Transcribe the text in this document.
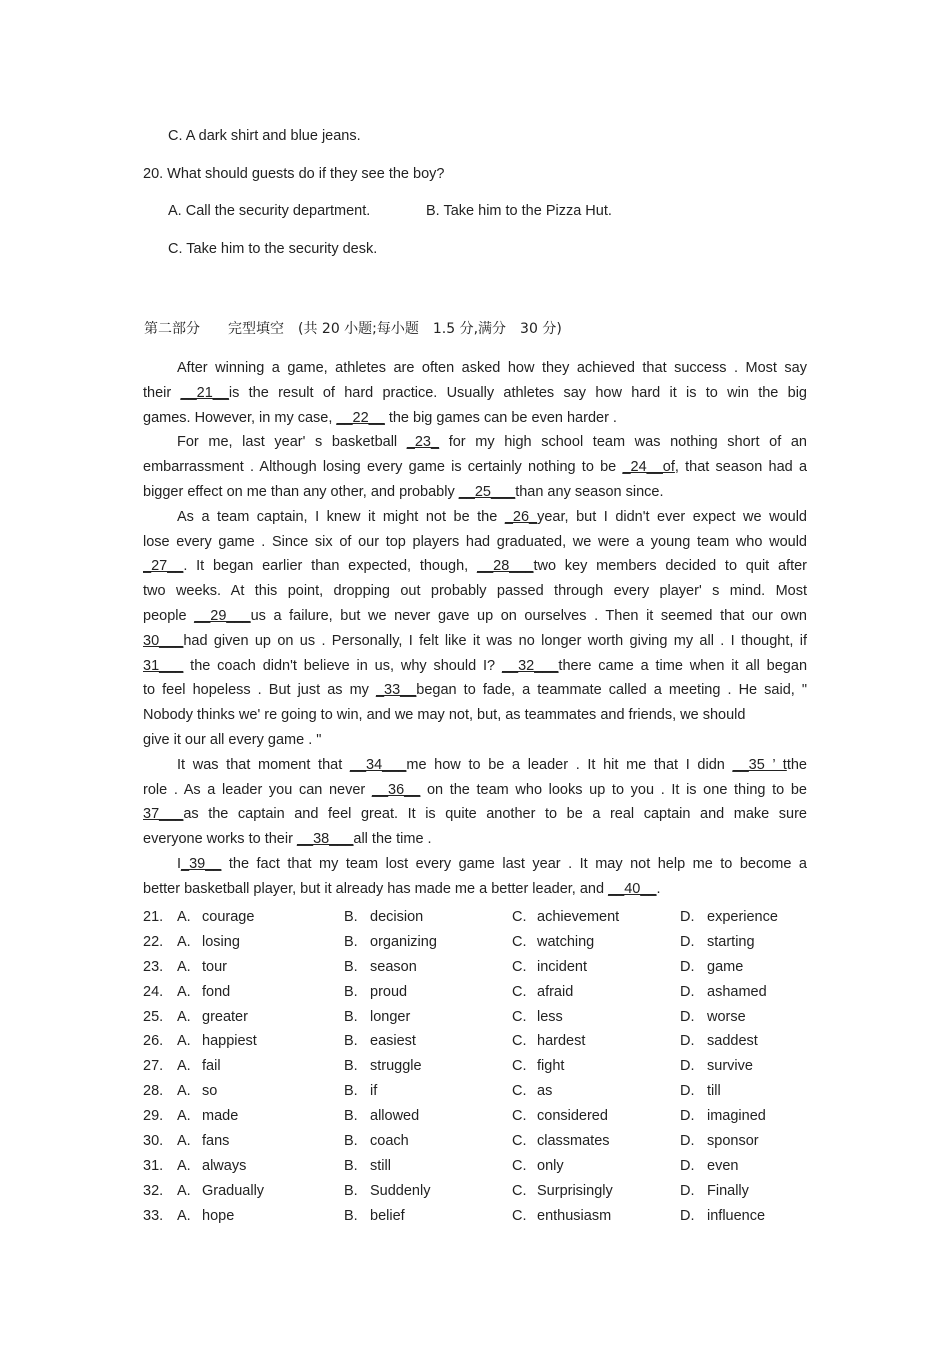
C. A dark shirt and blue jeans.
20. What should guests do if they see the boy?
A. Call the security department.	B. Take him to the Pizza Hut.
C. Take him to the security desk.
第二部分　　完型填空　(共 20 小题;每小题　1.5 分,满分　30 分)
After winning a game, athletes are often asked how they achieved that success . Most say
their __21__is the result of hard practice. Usually athletes say how hard it is to win the big
games. However, in my case, __22__ the big games can be even harder .
For me, last year' s basketball _23_ for my high school team was nothing short of an
embarrassment . Although losing every game is certainly nothing to be _24__of, that season had a
bigger effect on me than any other, and probably __25___than any season since.
As a team captain, I knew it might not be the _26_year, but I didn't ever expect we would
lose every game . Since six of our top players had graduated, we were a young team who would
_27__. It began earlier than expected, though, __28___two key members decided to quit after
two weeks. At this point, dropping out probably passed through every player' s mind. Most
people __29___us a failure, but we never gave up on ourselves . Then it seemed that our own
30___had given up on us . Personally, I felt like it was no longer worth giving my all . I thought, if
31___ the coach didn't believe in us, why should I? __32___there came a time when it all began
to feel hopeless . But just as my _33__began to fade, a teammate called a meeting . He said, "
Nobody thinks we' re going to win, and we may not, but, as teammates and friends, we should
give it our all every game . "
It was that moment that __34___me how to be a leader . It hit me that I didn __35 ’ tthe
role . As a leader you can never __36__ on the team who looks up to you . It is one thing to be
37___as the captain and feel great. It is quite another to be a real captain and make sure
everyone works to their __38___all the time .
I_39__ the fact that my team lost every game last year . It may not help me to become a
better basketball player, but it already has made me a better leader, and __40__.
21. A. courage	B. decision	C. achievement	D. experience
22. A. losing	B. organizing	C. watching	D. starting
23. A. tour	B. season	C. incident	D. game
24. A. fond	B. proud	C. afraid	D. ashamed
25. A. greater	B. longer	C. less	D. worse
26. A. happiest	B. easiest	C. hardest	D. saddest
27. A. fail	B. struggle	C. fight	D. survive
28. A. so	B. if	C. as	D. till
29. A. made	B. allowed	C. considered	D. imagined
30. A. fans	B. coach	C. classmates	D. sponsor
31. A. always	B. still	C. only	D. even
32. A. Gradually	B. Suddenly	C. Surprisingly	D. Finally
33. A. hope	B. belief	C. enthusiasm	D. influence
